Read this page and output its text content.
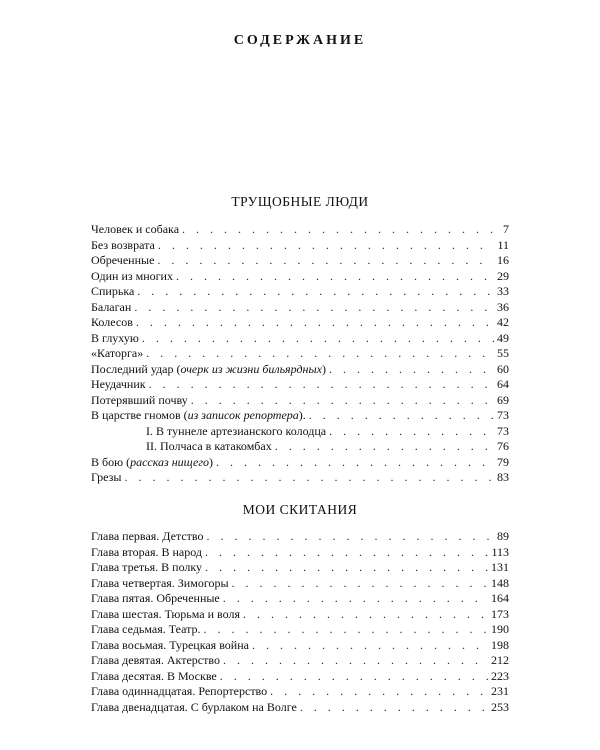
СОДЕРЖАНИЕ
ТРУЩОБНЫЕ ЛЮДИ
Человек и собака . . .	7
Без возврата . . .	11
Обреченные . . .	16
Один из многих . . .	29
Спирька . . .	33
Балаган . . .	36
Колесов . . .	42
В глухую . . .	49
«Каторга» . . .	55
Последний удар (очерк из жизни бильярдных) . . .	60
Неудачник . . .	64
Потерявший почву . . .	69
В царстве гномов (из записок репортера). . . .	73
I. В туннеле артезианского колодца . . .	73
II. Полчаса в катакомбах . . .	76
В бою (рассказ нищего) . . .	79
Грезы . . .	83
МОИ СКИТАНИЯ
Глава первая. Детство . . .	89
Глава вторая. В народ . . .	113
Глава третья. В полку . . .	131
Глава четвертая. Зимогоры . . .	148
Глава пятая. Обреченные . . .	164
Глава шестая. Тюрьма и воля . . .	173
Глава седьмая. Театр. . . .	190
Глава восьмая. Турецкая война . . .	198
Глава девятая. Актерство . . .	212
Глава десятая. В Москве . . .	223
Глава одиннадцатая. Репортерство . . .	231
Глава двенадцатая. С бурлаком на Волге . . .	253
